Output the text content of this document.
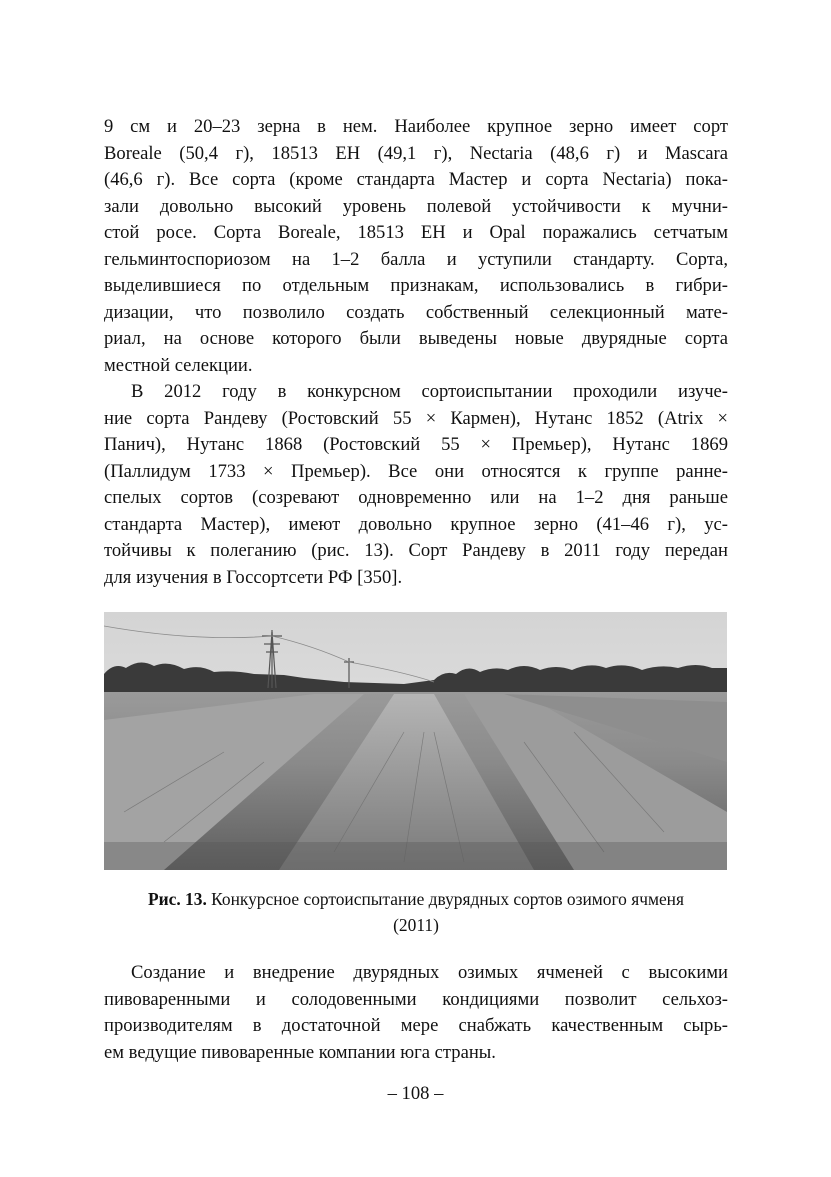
9 см и 20–23 зерна в нем. Наиболее крупное зерно имеет сорт
Boreale (50,4 г), 18513 ЕН (49,1 г), Nectaria (48,6 г) и Mascara
(46,6 г). Все сорта (кроме стандарта Мастер и сорта Nectaria) пока-
зали довольно высокий уровень полевой устойчивости к мучни-
стой росе. Сорта Boreale, 18513 ЕН и Opal поражались сетчатым
гельминтоспориозом на 1–2 балла и уступили стандарту. Сорта,
выделившиеся по отдельным признакам, использовались в гибри-
дизации, что позволило создать собственный селекционный мате-
риал, на основе которого были выведены новые двурядные сорта
местной селекции.
В 2012 году в конкурсном сортоиспытании проходили изуче-
ние сорта Рандеву (Ростовский 55 × Кармен), Нутанс 1852 (Atrix ×
Панич), Нутанс 1868 (Ростовский 55 × Премьер), Нутанс 1869
(Паллидум 1733 × Премьер). Все они относятся к группе ранне-
спелых сортов (созревают одновременно или на 1–2 дня раньше
стандарта Мастер), имеют довольно крупное зерно (41–46 г), ус-
тойчивы к полеганию (рис. 13). Сорт Рандеву в 2011 году передан
для изучения в Госсортсети РФ [350].
Рис. 13. Конкурсное сортоиспытание двурядных сортов озимого ячменя
(2011)
Создание и внедрение двурядных озимых ячменей с высокими
пивоваренными и солодовенными кондициями позволит сельхоз-
производителям в достаточной мере снабжать качественным сырь-
ем ведущие пивоваренные компании юга страны.
– 108 –
